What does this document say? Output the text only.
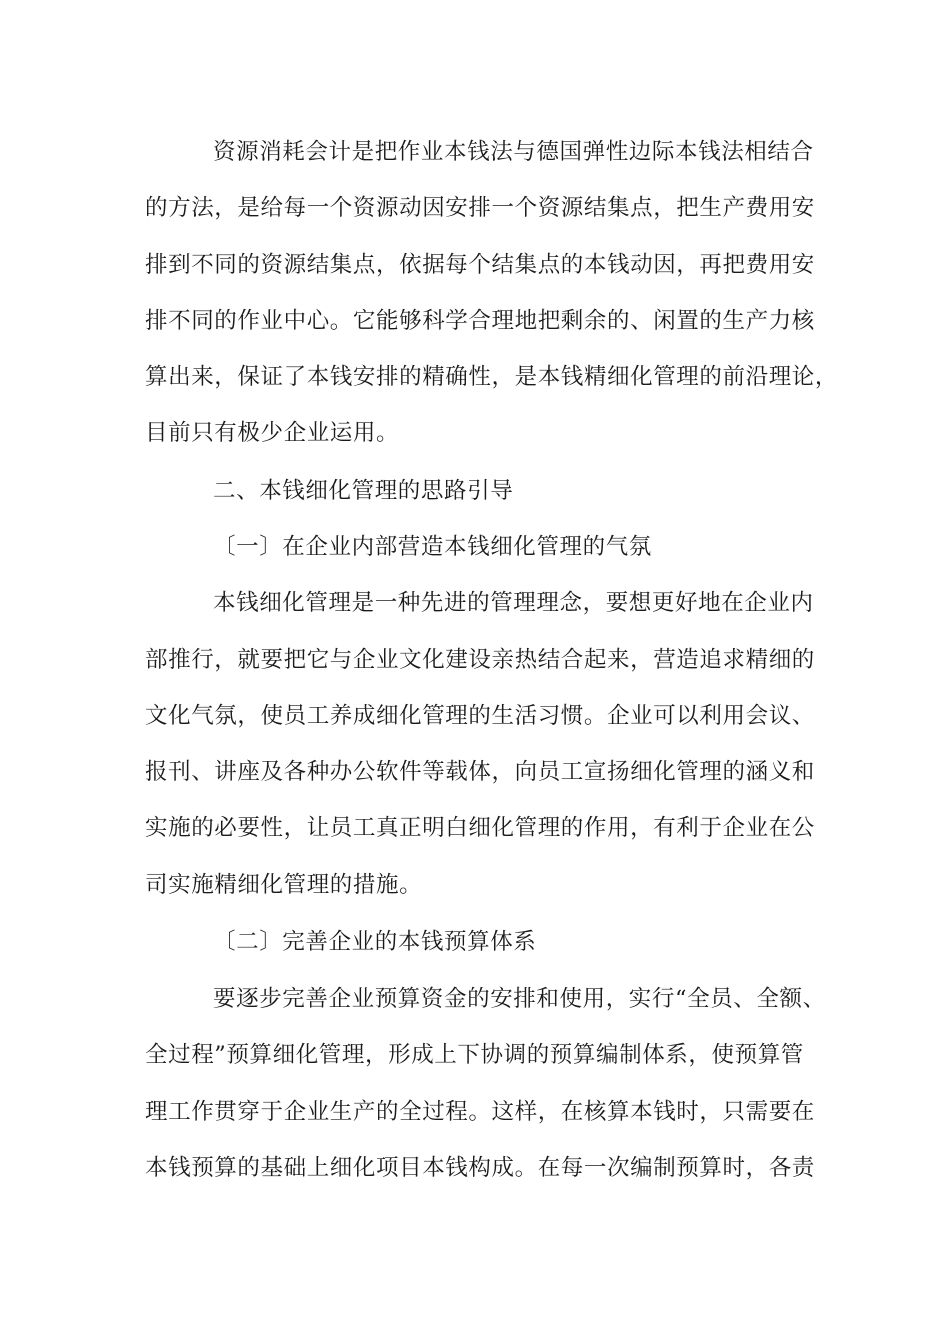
资源消耗会计是把作业本钱法与德国弹性边际本钱法相结合
的方法，是给每一个资源动因安排一个资源结集点，把生产费用安
排到不同的资源结集点，依据每个结集点的本钱动因，再把费用安
排不同的作业中心。它能够科学合理地把剩余的、闲置的生产力核
算出来，保证了本钱安排的精确性，是本钱精细化管理的前沿理论，
目前只有极少企业运用。
二、本钱细化管理的思路引导
〔一〕在企业内部营造本钱细化管理的气氛
本钱细化管理是一种先进的管理理念，要想更好地在企业内
部推行，就要把它与企业文化建设亲热结合起来，营造追求精细的
文化气氛，使员工养成细化管理的生活习惯。企业可以利用会议、
报刊、讲座及各种办公软件等载体，向员工宣扬细化管理的涵义和
实施的必要性，让员工真正明白细化管理的作用，有利于企业在公
司实施精细化管理的措施。
〔二〕完善企业的本钱预算体系
要逐步完善企业预算资金的安排和使用，实行“全员、全额、
全过程”预算细化管理，形成上下协调的预算编制体系，使预算管
理工作贯穿于企业生产的全过程。这样，在核算本钱时，只需要在
本钱预算的基础上细化项目本钱构成。在每一次编制预算时，各责
